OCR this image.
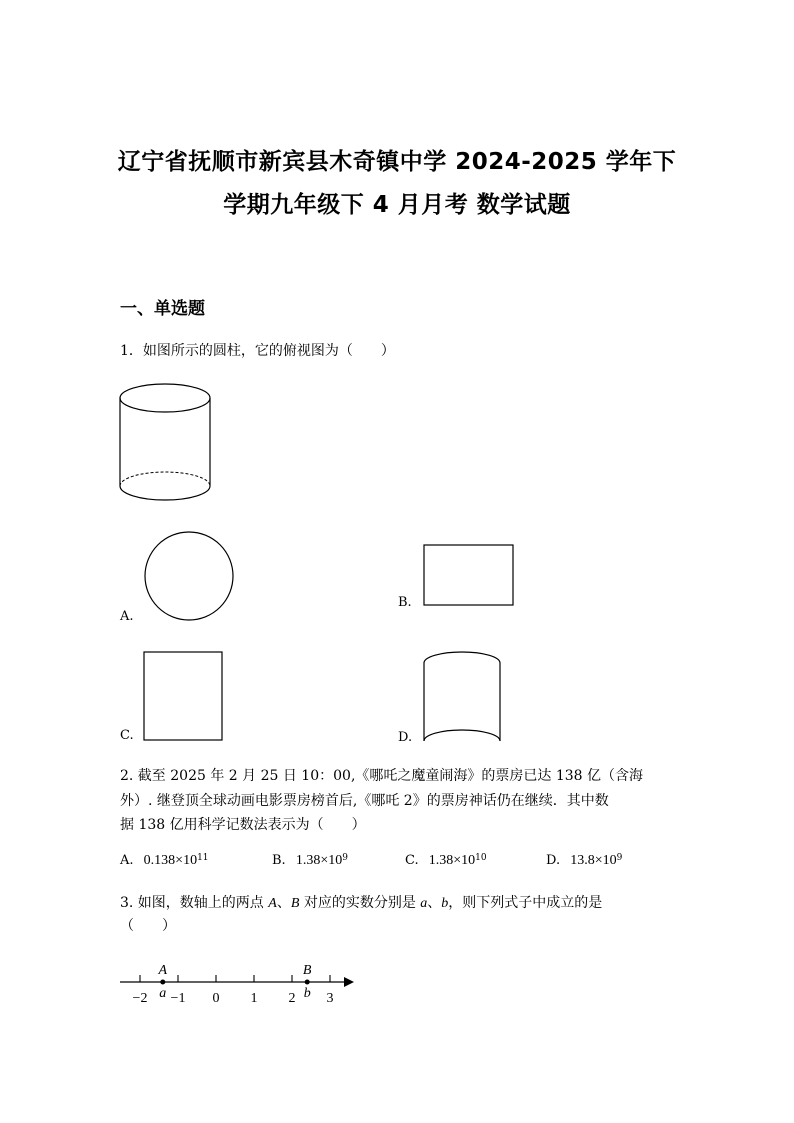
辽宁省抚顺市新宾县木奇镇中学 2024-2025 学年下
学期九年级下 4 月月考 数学试题
一、单选题
1．如图所示的圆柱，它的俯视图为（　　）
A.
B.
C.	D.
2. 截至 2025 年 2 月 25 日 10：00,《哪吒之魔童闹海》的票房已达 138 亿（含海
外）. 继登顶全球动画电影票房榜首后,《哪吒 2》的票房神话仍在继续．其中数
据 138 亿用科学记数法表示为（　　）
A. $0.138\times 10^{11}$	B. $1.38\times 10^9$	C. $1.38\times 10^{10}$	D. $13.8\times 10^9$
3. 如图，数轴上的两点 A、B 对应的实数分别是 a、b，则下列式子中成立的是
（　　）
−2 −1 0 1 2 3
A
a
B
b
